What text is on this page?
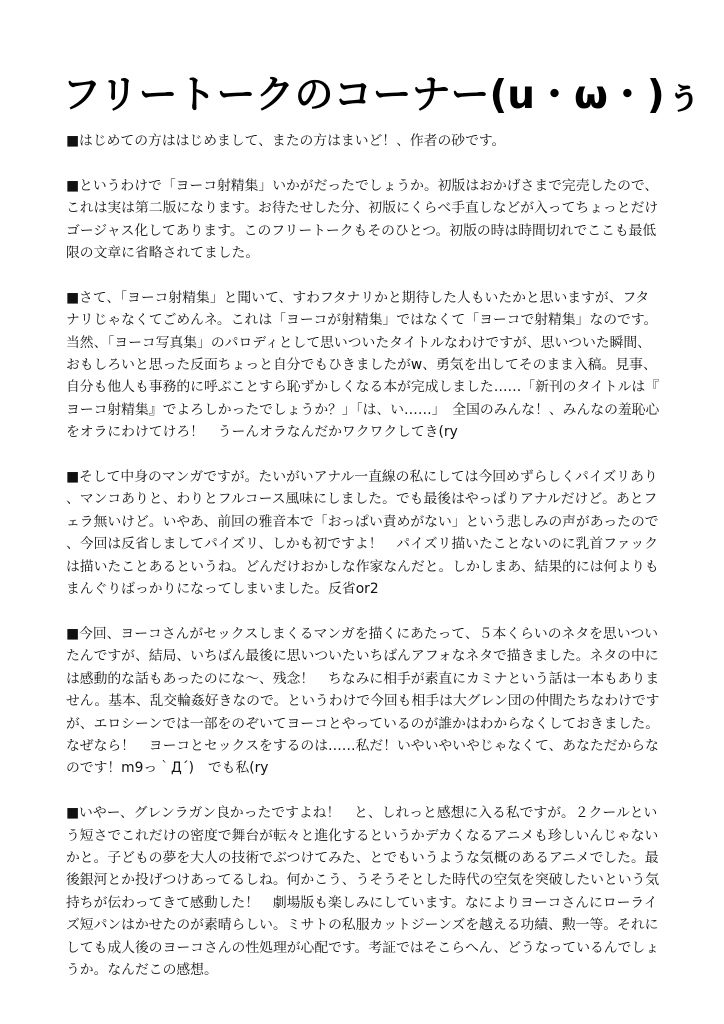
フリートークのコーナー(u・ω・)ぅ

■はじめての方ははじめまして、またの方はまいど！、作者の砂です。

■というわけで「ヨーコ射精集」いかがだったでしょうか。初版はおかげさまで完売したので、これは実は第二版になります。お待たせした分、初版にくらべ手直しなどが入ってちょっとだけゴージャス化してあります。このフリートークもそのひとつ。初版の時は時間切れでここも最低限の文章に省略されてました。

■さて、「ヨーコ射精集」と聞いて、すわフタナリかと期待した人もいたかと思いますが、フタナリじゃなくてごめんネ。これは「ヨーコが射精集」ではなくて「ヨーコで射精集」なのです。当然、「ヨーコ写真集」のパロディとして思いついたタイトルなわけですが、思いついた瞬間、おもしろいと思った反面ちょっと自分でもひきましたがw、勇気を出してそのまま入稿。見事、自分も他人も事務的に呼ぶことすら恥ずかしくなる本が完成しました……「新刊のタイトルは『ヨーコ射精集』でよろしかったでしょうか？」「は、い……」　全国のみんな！、みんなの羞恥心をオラにわけてけろ！　うーんオラなんだかワクワクしてき(ry

■そして中身のマンガですが。たいがいアナル一直線の私にしては今回めずらしくパイズリあり、マンコありと、わりとフルコース風味にしました。でも最後はやっぱりアナルだけど。あとフェラ無いけど。いやあ、前回の雅音本で「おっぱい責めがない」という悲しみの声があったので、今回は反省しましてパイズリ、しかも初ですよ！　パイズリ描いたことないのに乳首ファックは描いたことあるというね。どんだけおかしな作家なんだと。しかしまあ、結果的には何よりもまんぐりばっかりになってしまいました。反省or2

■今回、ヨーコさんがセックスしまくるマンガを描くにあたって、５本くらいのネタを思いついたんですが、結局、いちばん最後に思いついたいちばんアフォなネタで描きました。ネタの中には感動的な話もあったのにな～、残念！　ちなみに相手が素直にカミナという話は一本もありません。基本、乱交輪姦好きなので。というわけで今回も相手は大グレン団の仲間たちなわけですが、エロシーンでは一部をのぞいてヨーコとやっているのが誰かはわからなくしておきました。なぜなら！　ヨーコとセックスをするのは……私だ！いやいやいやじゃなくて、あなただからなのです！m9っ｀Д´)　でも私(ry

■いやー、グレンラガン良かったですよね！　と、しれっと感想に入る私ですが。２クールという短さでこれだけの密度で舞台が転々と進化するというかデカくなるアニメも珍しいんじゃないかと。子どもの夢を大人の技術でぶつけてみた、とでもいうような気概のあるアニメでした。最後銀河とか投げつけあってるしね。何かこう、うそうそとした時代の空気を突破したいという気持ちが伝わってきて感動した！　劇場版も楽しみにしています。なによりヨーコさんにローライズ短パンはかせたのが素晴らしい。ミサトの私服カットジーンズを越える功績、勲一等。それにしても成人後のヨーコさんの性処理が心配です。考証ではそこらへん、どうなっているんでしょうか。なんだこの感想。
